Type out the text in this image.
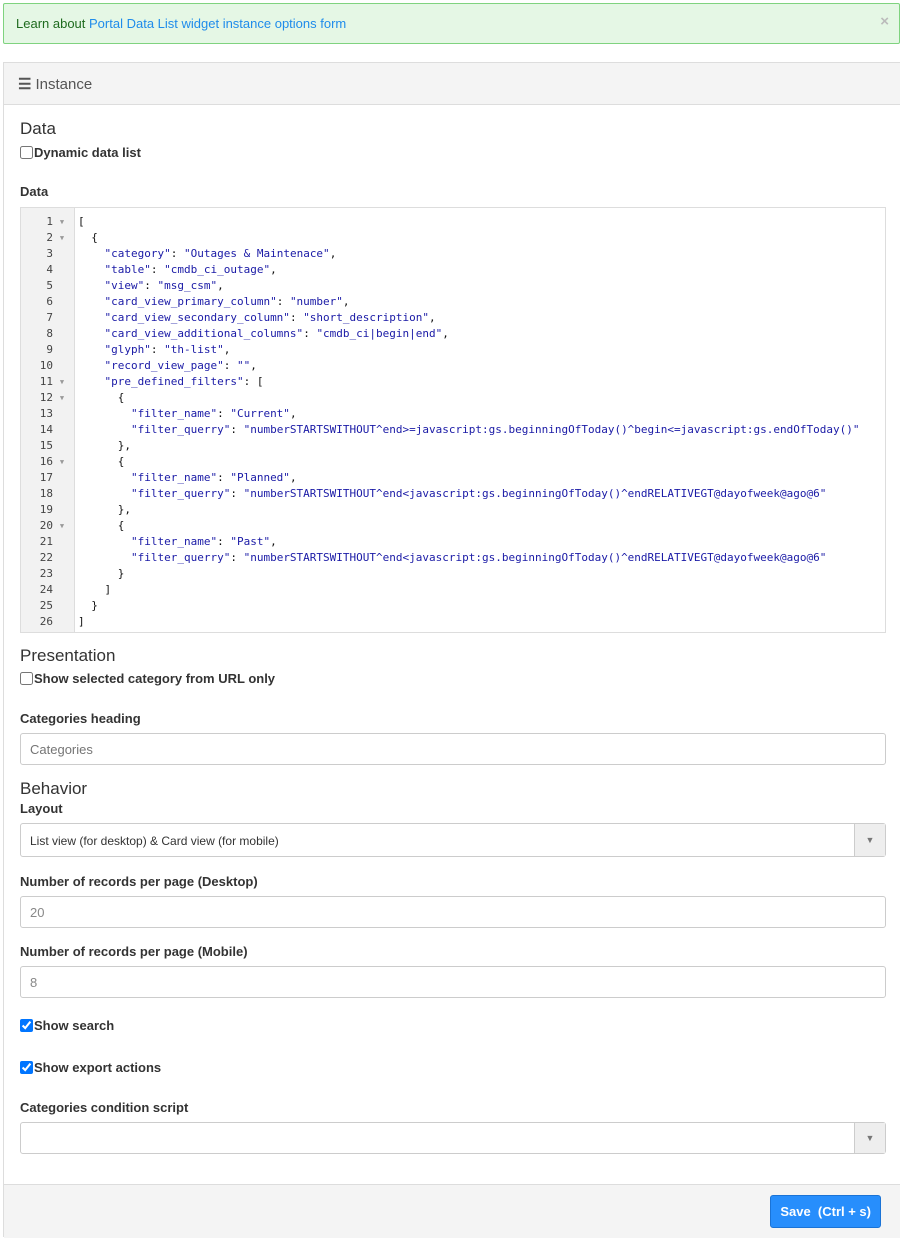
Learn about Portal Data List widget instance options form	×
☰ Instance
Data
Dynamic data list
Data
1 ▼
2 ▼
3
4
5
6
7
8
9
10
11 ▼
12 ▼
13
14
15
16 ▼
17
18
19
20 ▼
21
22
23
24
25
26
[
{
"category": "Outages & Maintenace",
"table": "cmdb_ci_outage",
"view": "msg_csm",
"card_view_primary_column": "number",
"card_view_secondary_column": "short_description",
"card_view_additional_columns": "cmdb_ci|begin|end",
"glyph": "th-list",
"record_view_page": "",
"pre_defined_filters": [
{
"filter_name": "Current",
"filter_querry": "numberSTARTSWITHOUT^end>=javascript:gs.beginningOfToday()^begin<=javascript:gs.endOfToday()"
},
{
"filter_name": "Planned",
"filter_querry": "numberSTARTSWITHOUT^end<javascript:gs.beginningOfToday()^endRELATIVEGT@dayofweek@ago@6"
},
{
"filter_name": "Past",
"filter_querry": "numberSTARTSWITHOUT^end<javascript:gs.beginningOfToday()^endRELATIVEGT@dayofweek@ago@6"
}
]
}
]
Presentation
Show selected category from URL only
Categories heading
Categories
Behavior
Layout
List view (for desktop) & Card view (for mobile)	▼
Number of records per page (Desktop)
20
Number of records per page (Mobile)
8
Show search
Show export actions
Categories condition script
▼
Save  (Ctrl + s)
